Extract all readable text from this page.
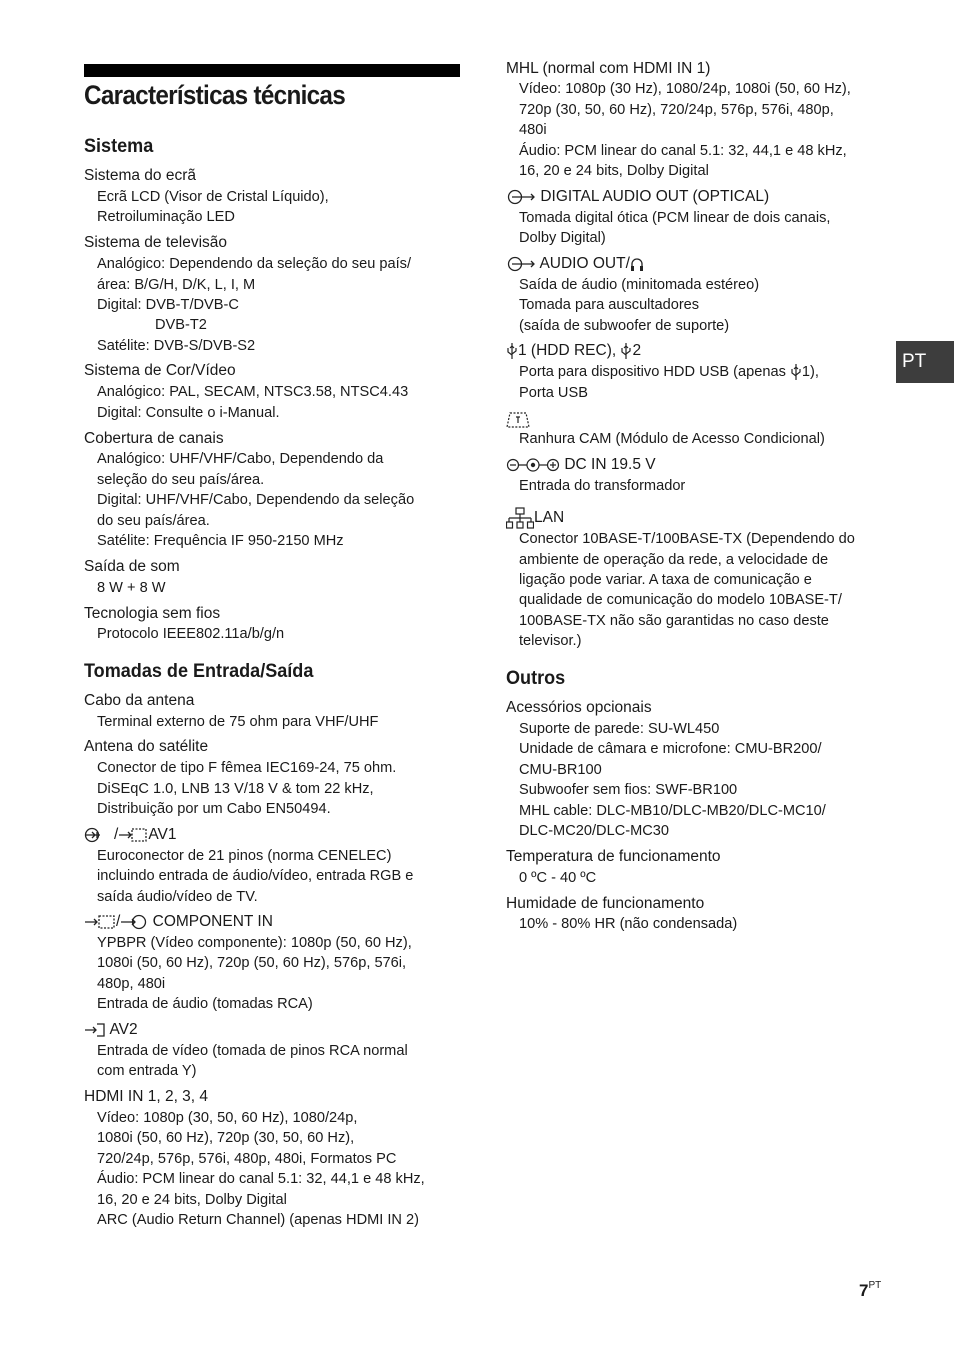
Características técnicas
PT
$7^{PT}$
Sistema
Sistema do ecrã
Ecrã LCD (Visor de Cristal Líquido),
Retroiluminação LED
Sistema de televisão
Analógico: Dependendo da seleção do seu país/
área: B/G/H, D/K, L, I, M
Digital: DVB-T/DVB-C
DVB-T2
Satélite: DVB-S/DVB-S2
Sistema de Cor/Vídeo
Analógico: PAL, SECAM, NTSC3.58, NTSC4.43
Digital: Consulte o i-Manual.
Cobertura de canais
Analógico: UHF/VHF/Cabo, Dependendo da
seleção do seu país/área.
Digital: UHF/VHF/Cabo, Dependendo da seleção
do seu país/área.
Satélite: Frequência IF 950-2150 MHz
Saída de som
8 W + 8 W
Tecnologia sem fios
Protocolo IEEE802.11a/b/g/n
Tomadas de Entrada/Saída
Cabo da antena
Terminal externo de 75 ohm para VHF/UHF
Antena do satélite
Conector de tipo F fêmea IEC169-24, 75 ohm.
DiSEqC 1.0, LNB 13 V/18 V & tom 22 kHz,
Distribuição por um Cabo EN50494.
/ AV1
Euroconector de 21 pinos (norma CENELEC)
incluindo entrada de áudio/vídeo, entrada RGB e
saída áudio/vídeo de TV.
/ COMPONENT IN
YPBPR (Vídeo componente): 1080p (50, 60 Hz),
1080i (50, 60 Hz), 720p (50, 60 Hz), 576p, 576i,
480p, 480i
Entrada de áudio (tomadas RCA)
AV2
Entrada de vídeo (tomada de pinos RCA normal
com entrada Y)
HDMI IN 1, 2, 3, 4
Vídeo: 1080p (30, 50, 60 Hz), 1080/24p,
1080i (50, 60 Hz), 720p (30, 50, 60 Hz),
720/24p, 576p, 576i, 480p, 480i, Formatos PC
Áudio: PCM linear do canal 5.1: 32, 44,1 e 48 kHz,
16, 20 e 24 bits, Dolby Digital
ARC (Audio Return Channel) (apenas HDMI IN 2)
MHL (normal com HDMI IN 1)
Vídeo: 1080p (30 Hz), 1080/24p, 1080i (50, 60 Hz),
720p (30, 50, 60 Hz), 720/24p, 576p, 576i, 480p,
480i
Áudio: PCM linear do canal 5.1: 32, 44,1 e 48 kHz,
16, 20 e 24 bits, Dolby Digital
DIGITAL AUDIO OUT (OPTICAL)
Tomada digital ótica (PCM linear de dois canais,
Dolby Digital)
AUDIO OUT/
Saída de áudio (minitomada estéreo)
Tomada para auscultadores
(saída de subwoofer de suporte)
1 (HDD REC),
2
Porta para dispositivo HDD USB (apenas
1),
Porta USB
Ranhura CAM (Módulo de Acesso Condicional)
DC IN 19.5 V
Entrada do transformador
LAN
Conector 10BASE-T/100BASE-TX (Dependendo do
ambiente de operação da rede, a velocidade de
ligação pode variar. A taxa de comunicação e
qualidade de comunicação do modelo 10BASE-T/
100BASE-TX não são garantidas no caso deste
televisor.)
Outros
Acessórios opcionais
Suporte de parede: SU-WL450
Unidade de câmara e microfone: CMU-BR200/
CMU-BR100
Subwoofer sem fios: SWF-BR100
MHL cable: DLC-MB10/DLC-MB20/DLC-MC10/
DLC-MC20/DLC-MC30
Temperatura de funcionamento
0 ºC - 40 ºC
Humidade de funcionamento
10% - 80% HR (não condensada)
